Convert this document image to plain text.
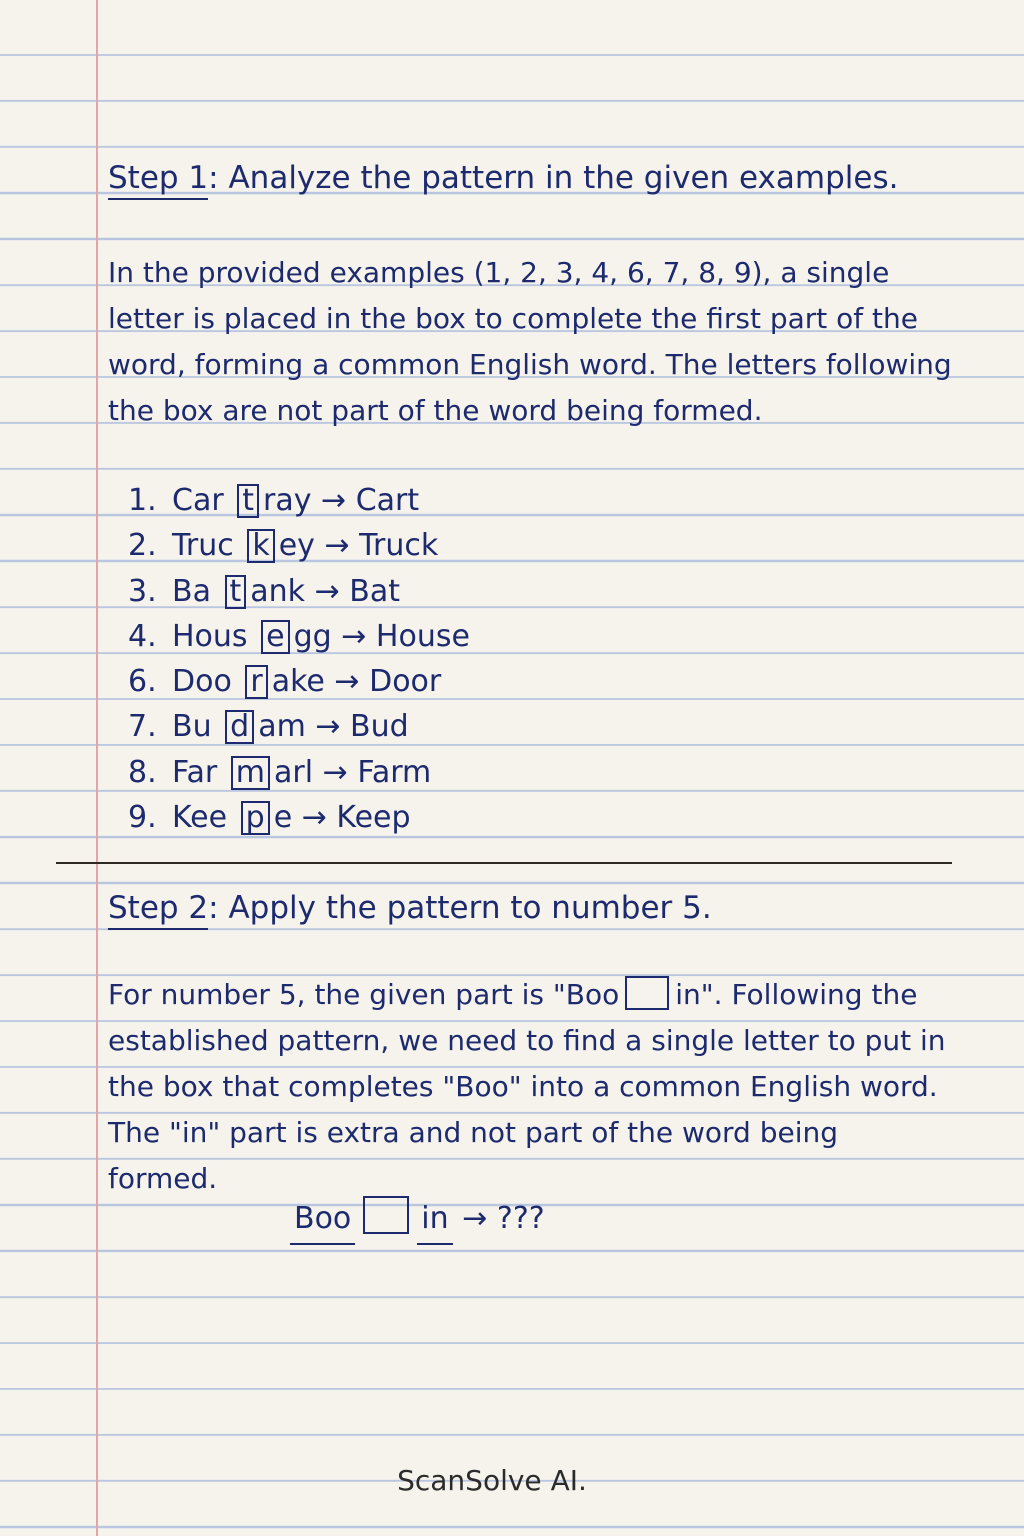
Step 1: Analyze the pattern in the given examples.

In the provided examples (1, 2, 3, 4, 6, 7, 8, 9), a single letter is placed in the box to complete the first part of the word, forming a common English word. The letters following the box are not part of the word being formed.

1. Car t ray → Cart
2. Truc k ey → Truck
3. Ba t ank → Bat
4. Hous e gg → House
6. Doo r ake → Door
7. Bu d am → Bud
8. Far m arl → Farm
9. Kee p e → Keep
Step 2: Apply the pattern to number 5.

For number 5, the given part is "Boo in". Following the established pattern, we need to find a single letter to put in the box that completes "Boo" into a common English word. The "in" part is extra and not part of the word being formed.

Boo in → ???
ScanSolve AI.
